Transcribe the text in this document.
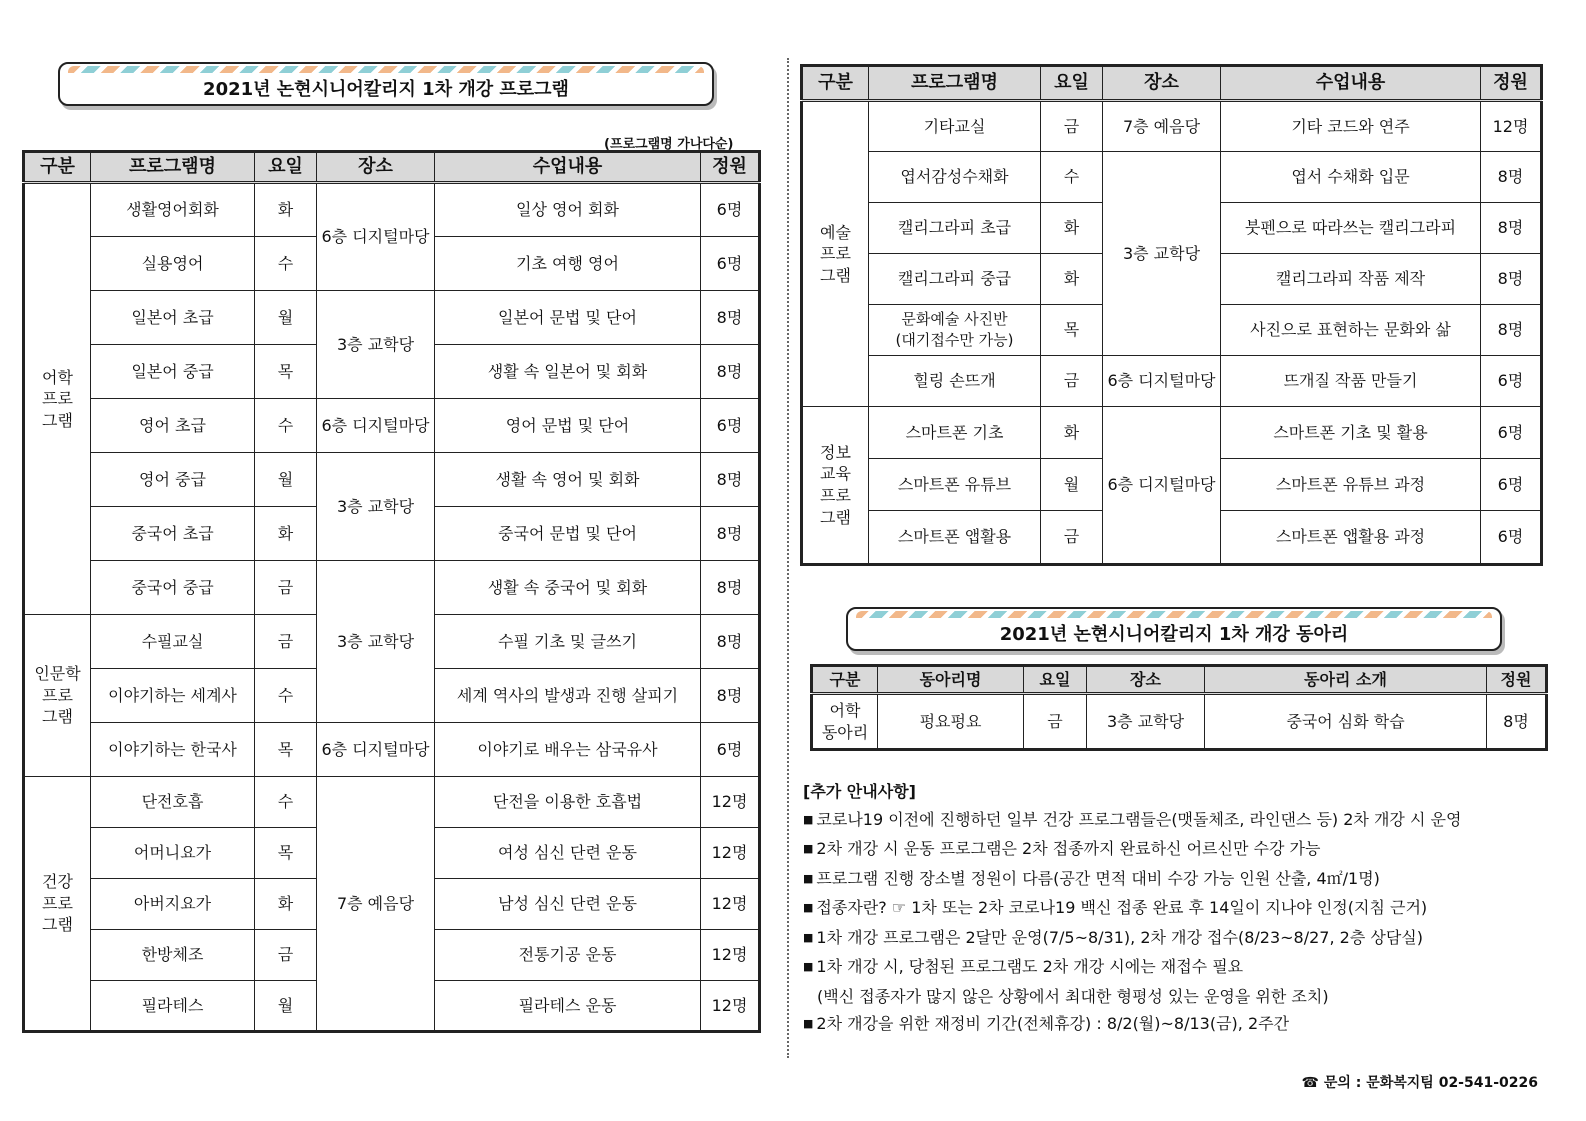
2021년 논현시니어칼리지 1차 개강 프로그램
(프로그램명 가나다순)
구분	프로그램명	요일	장소	수업내용	정원
어학
프로
그램	생활영어회화	화	6층 디지털마당	일상 영어 회화	6명
	실용영어	수		기초 여행 영어	6명
	일본어 초급	월	3층 교학당	일본어 문법 및 단어	8명
	일본어 중급	목		생활 속 일본어 및 회화	8명
	영어 초급	수	6층 디지털마당	영어 문법 및 단어	6명
	영어 중급	월	3층 교학당	생활 속 영어 및 회화	8명
	중국어 초급	화		중국어 문법 및 단어	8명
	중국어 중급	금	3층 교학당	생활 속 중국어 및 회화	8명
인문학
프로
그램	수필교실	금		수필 기초 및 글쓰기	8명
	이야기하는 세계사	수		세계 역사의 발생과 진행 살피기	8명
	이야기하는 한국사	목	6층 디지털마당	이야기로 배우는 삼국유사	6명
건강
프로
그램	단전호흡	수	7층 예음당	단전을 이용한 호흡법	12명
	어머니요가	목		여성 심신 단련 운동	12명
	아버지요가	화		남성 심신 단련 운동	12명
	한방체조	금		전통기공 운동	12명
	필라테스	월		필라테스 운동	12명
구분	프로그램명	요일	장소	수업내용	정원
예술
프로
그램	기타교실	금	7층 예음당	기타 코드와 연주	12명
	엽서감성수채화	수	3층 교학당	엽서 수채화 입문	8명
	캘리그라피 초급	화		붓펜으로 따라쓰는 캘리그라피	8명
	캘리그라피 중급	화		캘리그라피 작품 제작	8명
	문화예술 사진반
(대기접수만 가능)	목		사진으로 표현하는 문화와 삶	8명
	힐링 손뜨개	금	6층 디지털마당	뜨개질 작품 만들기	6명
정보
교육
프로
그램	스마트폰 기초	화	6층 디지털마당	스마트폰 기초 및 활용	6명
	스마트폰 유튜브	월		스마트폰 유튜브 과정	6명
	스마트폰 앱활용	금		스마트폰 앱활용 과정	6명
2021년 논현시니어칼리지 1차 개강 동아리
구분	동아리명	요일	장소	동아리 소개	정원
어학
동아리	펑요펑요	금	3층 교학당	중국어 심화 학습	8명
[추가 안내사항]
■ 코로나19 이전에 진행하던 일부 건강 프로그램들은(맷돌체조, 라인댄스 등) 2차 개강 시 운영
■ 2차 개강 시 운동 프로그램은 2차 접종까지 완료하신 어르신만 수강 가능
■ 프로그램 진행 장소별 정원이 다름(공간 면적 대비 수강 가능 인원 산출, 4㎡/1명)
■ 접종자란? ☞ 1차 또는 2차 코로나19 백신 접종 완료 후 14일이 지나야 인정(지침 근거)
■ 1차 개강 프로그램은 2달만 운영(7/5~8/31), 2차 개강 접수(8/23~8/27, 2층 상담실)
■ 1차 개강 시, 당첨된 프로그램도 2차 개강 시에는 재접수 필요
(백신 접종자가 많지 않은 상황에서 최대한 형평성 있는 운영을 위한 조치)
■ 2차 개강을 위한 재정비 기간(전체휴강) : 8/2(월)~8/13(금), 2주간
☎ 문의 : 문화복지팀 02-541-0226
